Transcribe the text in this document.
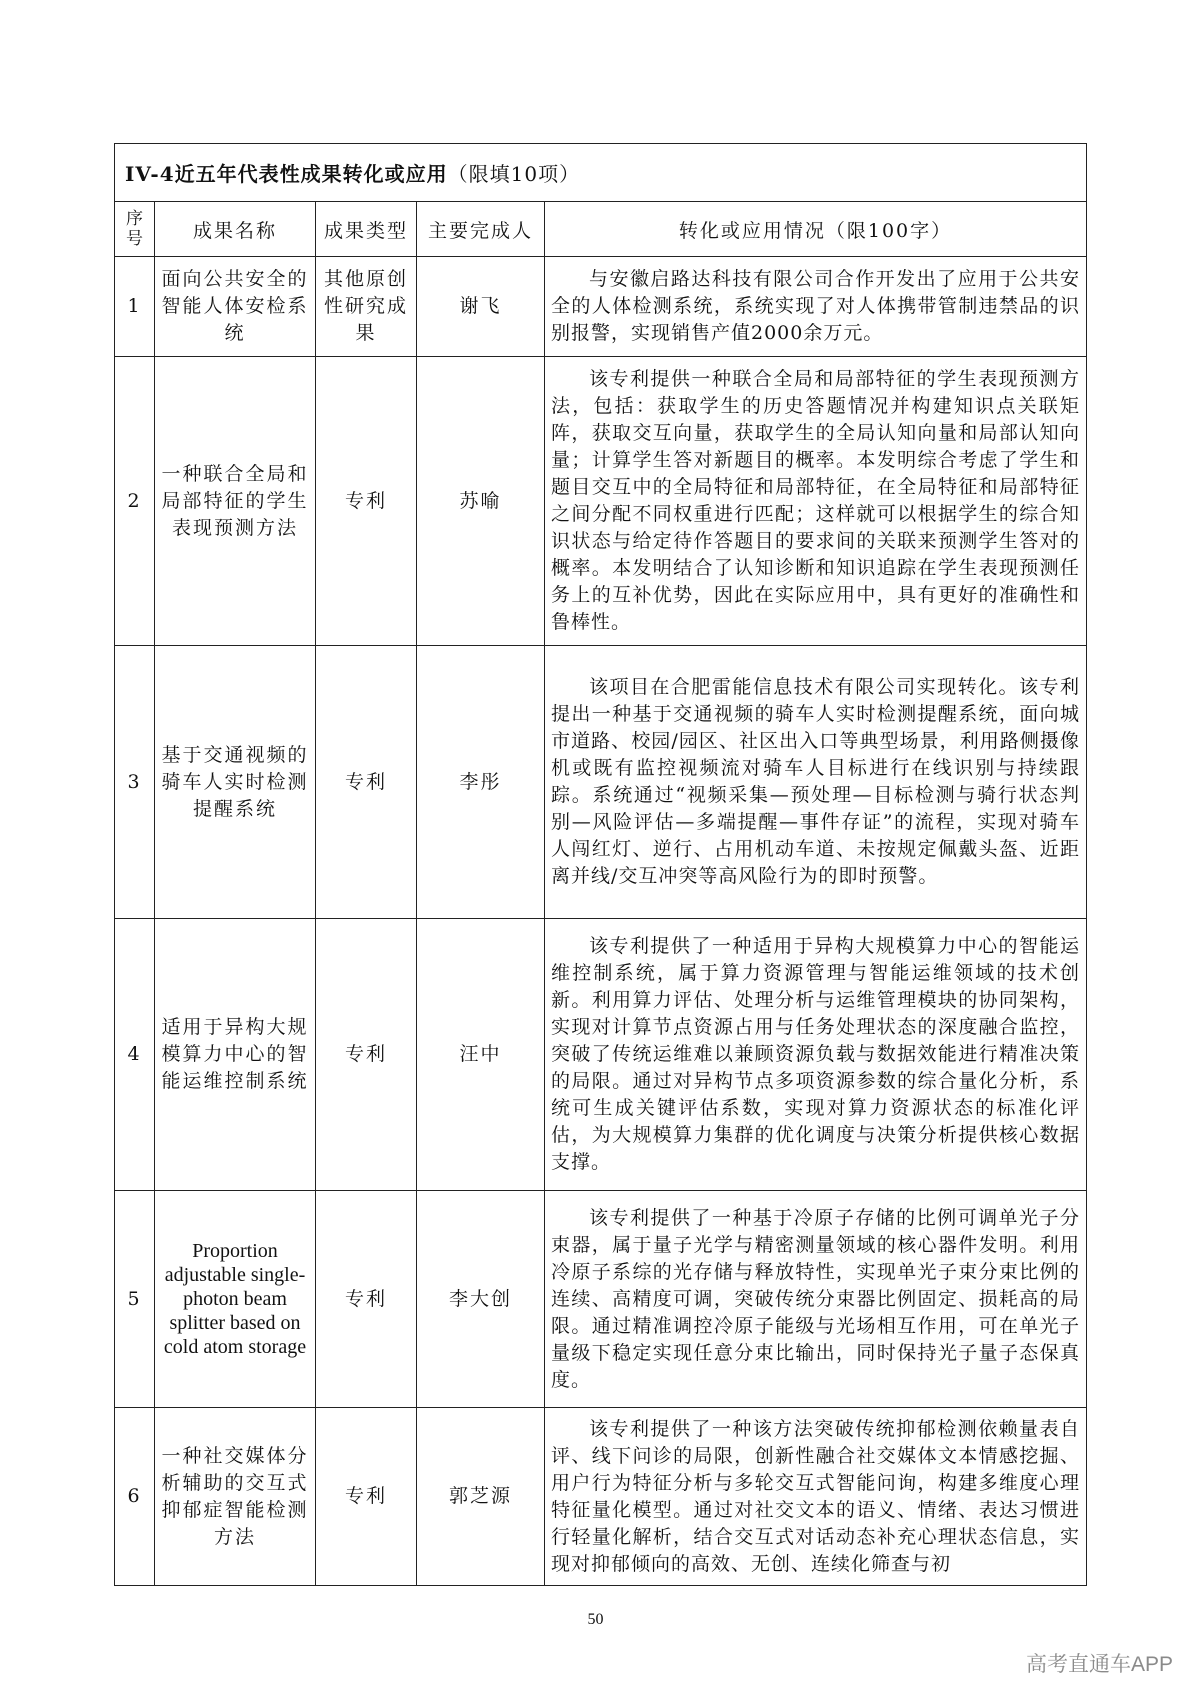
IV-4近五年代表性成果转化或应用（限填10项）				
序
号	成果名称	成果类型	主要完成人	转化或应用情况（限100字）
1	面向公共安全的智能人体安检系统	其他原创性研究成果	谢飞	与安徽启路达科技有限公司合作开发出了应用于公共安全的人体检测系统，系统实现了对人体携带管制违禁品的识别报警，实现销售产值2000余万元。
2	一种联合全局和局部特征的学生表现预测方法	专利	苏喻	该专利提供一种联合全局和局部特征的学生表现预测方法，包括：获取学生的历史答题情况并构建知识点关联矩阵，获取交互向量，获取学生的全局认知向量和局部认知向量；计算学生答对新题目的概率。本发明综合考虑了学生和题目交互中的全局特征和局部特征，在全局特征和局部特征之间分配不同权重进行匹配；这样就可以根据学生的综合知识状态与给定待作答题目的要求间的关联来预测学生答对的概率。本发明结合了认知诊断和知识追踪在学生表现预测任务上的互补优势，因此在实际应用中，具有更好的准确性和鲁棒性。
3	基于交通视频的骑车人实时检测提醒系统	专利	李彤	该项目在合肥雷能信息技术有限公司实现转化。该专利提出一种基于交通视频的骑车人实时检测提醒系统，面向城市道路、校园/园区、社区出入口等典型场景，利用路侧摄像机或既有监控视频流对骑车人目标进行在线识别与持续跟踪。系统通过“视频采集—预处理—目标检测与骑行状态判别—风险评估—多端提醒—事件存证”的流程，实现对骑车人闯红灯、逆行、占用机动车道、未按规定佩戴头盔、近距离并线/交互冲突等高风险行为的即时预警。
4	适用于异构大规模算力中心的智能运维控制系统	专利	汪中	该专利提供了一种适用于异构大规模算力中心的智能运维控制系统，属于算力资源管理与智能运维领域的技术创新。利用算力评估、处理分析与运维管理模块的协同架构，实现对计算节点资源占用与任务处理状态的深度融合监控，突破了传统运维难以兼顾资源负载与数据效能进行精准决策的局限。通过对异构节点多项资源参数的综合量化分析，系统可生成关键评估系数，实现对算力资源状态的标准化评估，为大规模算力集群的优化调度与决策分析提供核心数据支撑。
5	Proportion adjustable single-photon beam splitter based on cold atom storage	专利	李大创	该专利提供了一种基于冷原子存储的比例可调单光子分束器，属于量子光学与精密测量领域的核心器件发明。利用冷原子系综的光存储与释放特性，实现单光子束分束比例的连续、高精度可调，突破传统分束器比例固定、损耗高的局限。通过精准调控冷原子能级与光场相互作用，可在单光子量级下稳定实现任意分束比输出，同时保持光子量子态保真度。
6	一种社交媒体分析辅助的交互式抑郁症智能检测方法	专利	郭芝源	该专利提供了一种该方法突破传统抑郁检测依赖量表自评、线下问诊的局限，创新性融合社交媒体文本情感挖掘、用户行为特征分析与多轮交互式智能问询，构建多维度心理特征量化模型。通过对社交文本的语义、情绪、表达习惯进行轻量化解析，结合交互式对话动态补充心理状态信息，实现对抑郁倾向的高效、无创、连续化筛查与初
50
高考直通车APP
